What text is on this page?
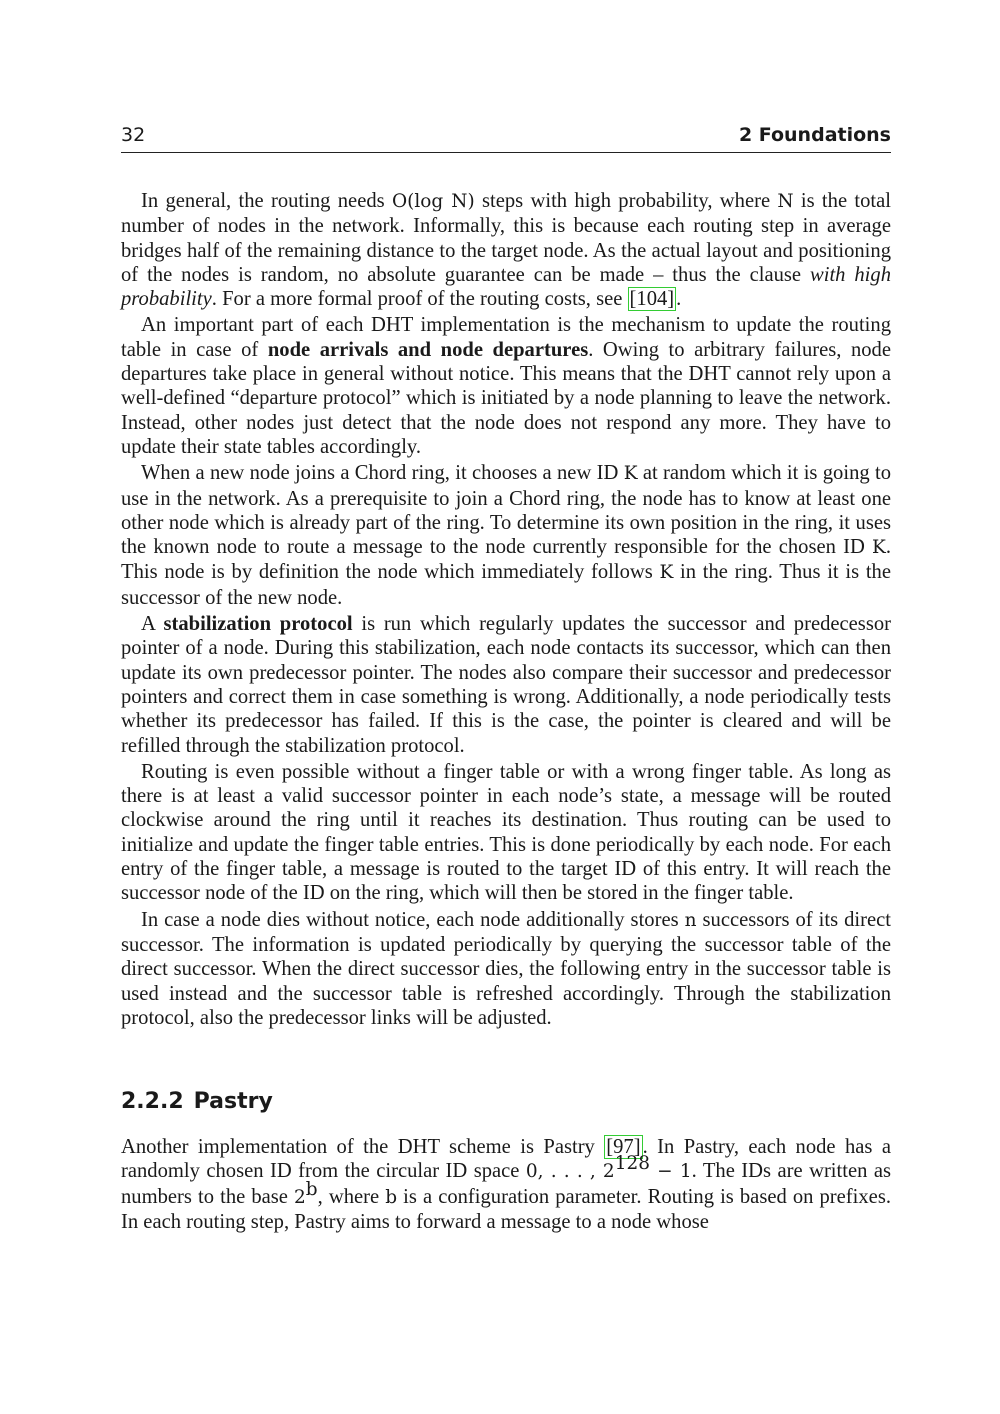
32	2 Foundations

In general, the routing needs O(log N) steps with high probability, where N is the total number of nodes in the network. Informally, this is because each routing step in average bridges half of the remaining distance to the target node. As the actual layout and positioning of the nodes is random, no absolute guarantee can be made – thus the clause with high probability. For a more formal proof of the routing costs, see [104].

An important part of each DHT implementation is the mechanism to update the routing table in case of node arrivals and node departures. Owing to arbitrary failures, node departures take place in general without notice. This means that the DHT cannot rely upon a well-defined “departure protocol” which is initiated by a node planning to leave the network. Instead, other nodes just detect that the node does not respond any more. They have to update their state tables accordingly.

When a new node joins a Chord ring, it chooses a new ID K at random which it is going to use in the network. As a prerequisite to join a Chord ring, the node has to know at least one other node which is already part of the ring. To determine its own position in the ring, it uses the known node to route a message to the node currently responsible for the chosen ID K. This node is by definition the node which immediately follows K in the ring. Thus it is the successor of the new node.

A stabilization protocol is run which regularly updates the successor and predecessor pointer of a node. During this stabilization, each node contacts its successor, which can then update its own predecessor pointer. The nodes also compare their successor and predecessor pointers and correct them in case something is wrong. Additionally, a node periodically tests whether its predecessor has failed. If this is the case, the pointer is cleared and will be refilled through the stabilization protocol.

Routing is even possible without a finger table or with a wrong finger table. As long as there is at least a valid successor pointer in each node’s state, a message will be routed clockwise around the ring until it reaches its destination. Thus routing can be used to initialize and update the finger table entries. This is done periodically by each node. For each entry of the finger table, a message is routed to the target ID of this entry. It will reach the successor node of the ID on the ring, which will then be stored in the finger table.

In case a node dies without notice, each node additionally stores n successors of its direct successor. The information is updated periodically by querying the successor table of the direct successor. When the direct successor dies, the following entry in the successor table is used instead and the successor table is refreshed accordingly. Through the stabilization protocol, also the predecessor links will be adjusted.

2.2.2 Pastry

Another implementation of the DHT scheme is Pastry [97]. In Pastry, each node has a randomly chosen ID from the circular ID space 0, . . . , $2^{128} - 1$. The IDs are written as numbers to the base 2$^b$, where b is a configuration parameter. Routing is based on prefixes. In each routing step, Pastry aims to forward a message to a node whose
